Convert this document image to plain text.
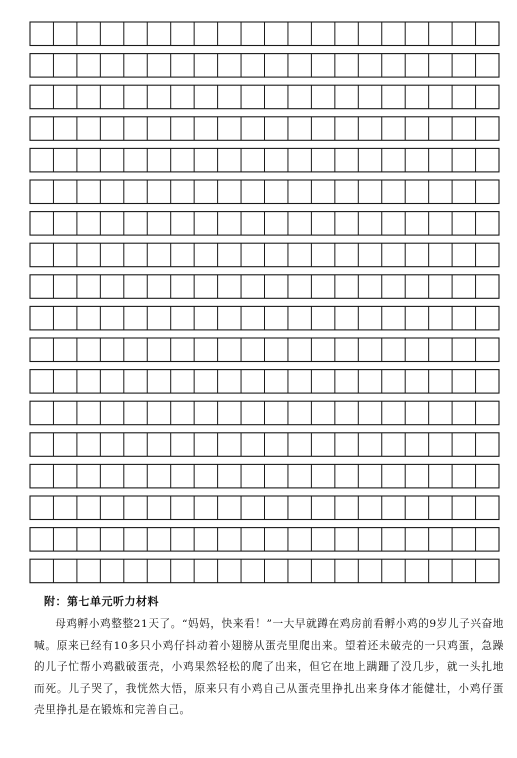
附：第七单元听力材料

母鸡孵小鸡整整21天了。“妈妈，快来看！”一大早就蹲在鸡房前看孵小鸡的9岁儿子兴奋地喊。原来已经有10多只小鸡仔抖动着小翅膀从蛋壳里爬出来。望着还未破壳的一只鸡蛋，急躁的儿子忙帮小鸡戳破蛋壳，小鸡果然轻松的爬了出来，但它在地上蹒跚了没几步，就一头扎地而死。儿子哭了，我恍然大悟，原来只有小鸡自己从蛋壳里挣扎出来身体才能健壮，小鸡仔蛋壳里挣扎是在锻炼和完善自己。
